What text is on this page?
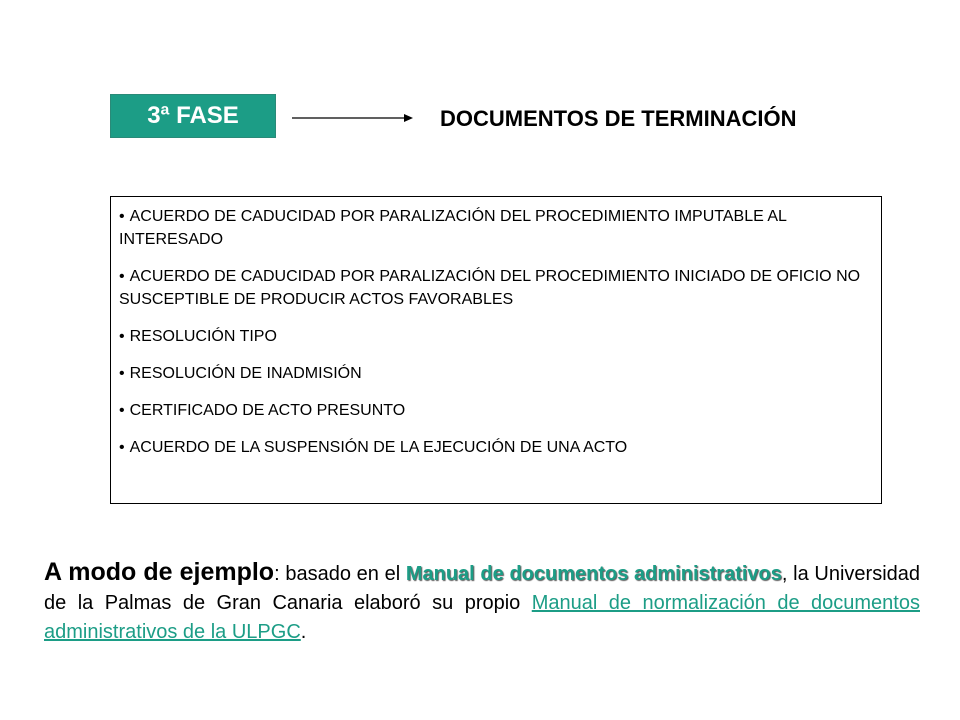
3ª FASE	DOCUMENTOS DE TERMINACIÓN
• ACUERDO DE CADUCIDAD POR PARALIZACIÓN DEL PROCEDIMIENTO IMPUTABLE AL INTERESADO
• ACUERDO DE CADUCIDAD POR PARALIZACIÓN DEL PROCEDIMIENTO INICIADO DE OFICIO NO SUSCEPTIBLE DE PRODUCIR ACTOS FAVORABLES
• RESOLUCIÓN TIPO
• RESOLUCIÓN DE INADMISIÓN
• CERTIFICADO DE ACTO PRESUNTO
• ACUERDO DE LA SUSPENSIÓN DE LA EJECUCIÓN DE UNA ACTO
A modo de ejemplo: basado en el Manual de documentos administrativos, la Universidad de la Palmas de Gran Canaria elaboró su propio Manual de normalización de documentos administrativos de la ULPGC.
